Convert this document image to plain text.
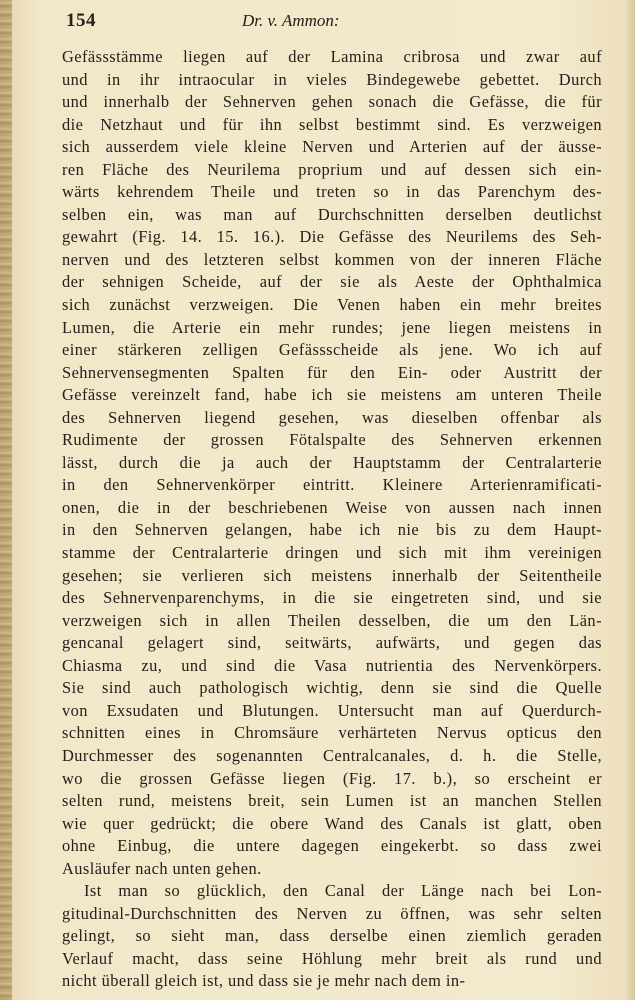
154	Dr. v. Ammon:
Gefässstämme liegen auf der Lamina cribrosa und zwar auf
und in ihr intraocular in vieles Bindegewebe gebettet. Durch
und innerhalb der Sehnerven gehen sonach die Gefässe, die für
die Netzhaut und für ihn selbst bestimmt sind. Es verzweigen
sich ausserdem viele kleine Nerven und Arterien auf der äusse-
ren Fläche des Neurilema proprium und auf dessen sich ein-
wärts kehrendem Theile und treten so in das Parenchym des-
selben ein, was man auf Durchschnitten derselben deutlichst
gewahrt (Fig. 14. 15. 16.). Die Gefässe des Neurilems des Seh-
nerven und des letzteren selbst kommen von der inneren Fläche
der sehnigen Scheide, auf der sie als Aeste der Ophthalmica
sich zunächst verzweigen. Die Venen haben ein mehr breites
Lumen, die Arterie ein mehr rundes; jene liegen meistens in
einer stärkeren zelligen Gefässscheide als jene. Wo ich auf
Sehnervensegmenten Spalten für den Ein- oder Austritt der
Gefässe vereinzelt fand, habe ich sie meistens am unteren Theile
des Sehnerven liegend gesehen, was dieselben offenbar als
Rudimente der grossen Fötalspalte des Sehnerven erkennen
lässt, durch die ja auch der Hauptstamm der Centralarterie
in den Sehnervenkörper eintritt. Kleinere Arterienramificati-
onen, die in der beschriebenen Weise von aussen nach innen
in den Sehnerven gelangen, habe ich nie bis zu dem Haupt-
stamme der Centralarterie dringen und sich mit ihm vereinigen
gesehen; sie verlieren sich meistens innerhalb der Seitentheile
des Sehnervenparenchyms, in die sie eingetreten sind, und sie
verzweigen sich in allen Theilen desselben, die um den Län-
gencanal gelagert sind, seitwärts, aufwärts, und gegen das
Chiasma zu, und sind die Vasa nutrientia des Nervenkörpers.
Sie sind auch pathologisch wichtig, denn sie sind die Quelle
von Exsudaten und Blutungen. Untersucht man auf Querdurch-
schnitten eines in Chromsäure verhärteten Nervus opticus den
Durchmesser des sogenannten Centralcanales, d. h. die Stelle,
wo die grossen Gefässe liegen (Fig. 17. b.), so erscheint er
selten rund, meistens breit, sein Lumen ist an manchen Stellen
wie quer gedrückt; die obere Wand des Canals ist glatt, oben
ohne Einbug, die untere dagegen eingekerbt. so dass zwei
Ausläufer nach unten gehen.
Ist man so glücklich, den Canal der Länge nach bei Lon-
gitudinal-Durchschnitten des Nerven zu öffnen, was sehr selten
gelingt, so sieht man, dass derselbe einen ziemlich geraden
Verlauf macht, dass seine Höhlung mehr breit als rund und
nicht überall gleich ist, und dass sie je mehr nach dem in-
